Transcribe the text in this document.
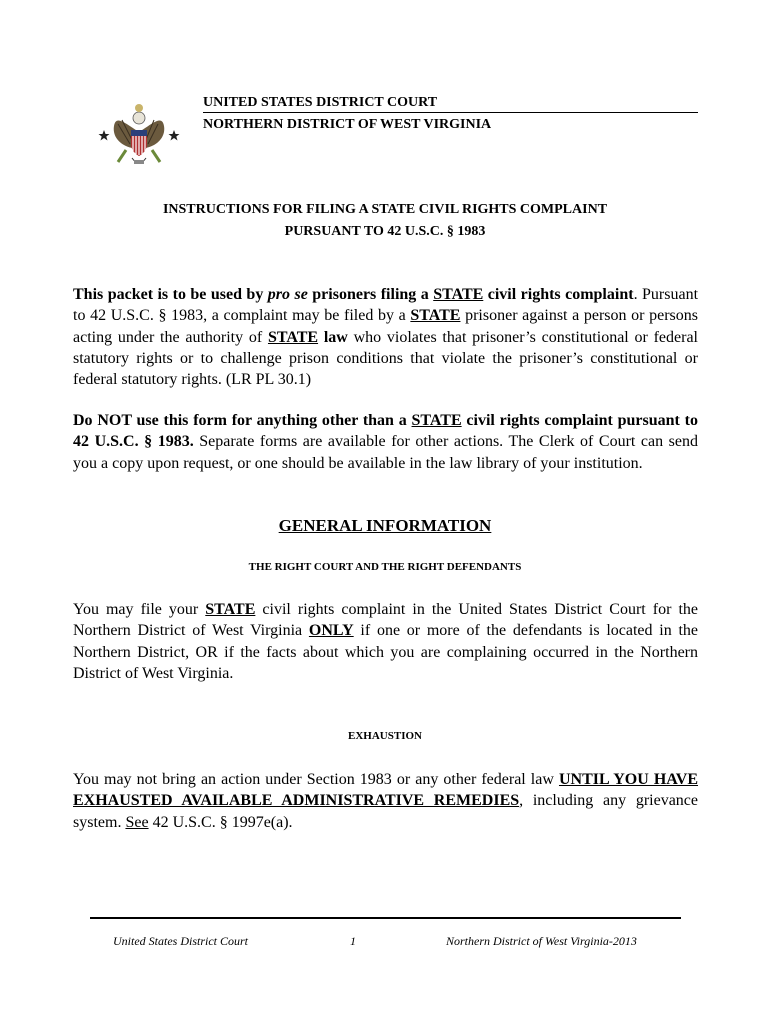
UNITED STATES DISTRICT COURT
NORTHERN DISTRICT OF WEST VIRGINIA
INSTRUCTIONS FOR FILING A STATE CIVIL RIGHTS COMPLAINT
PURSUANT TO 42 U.S.C. § 1983
This packet is to be used by pro se prisoners filing a STATE civil rights complaint. Pursuant to 42 U.S.C. § 1983, a complaint may be filed by a STATE prisoner against a person or persons acting under the authority of STATE law who violates that prisoner’s constitutional or federal statutory rights or to challenge prison conditions that violate the prisoner’s constitutional or federal statutory rights. (LR PL 30.1)
Do NOT use this form for anything other than a STATE civil rights complaint pursuant to 42 U.S.C. § 1983. Separate forms are available for other actions. The Clerk of Court can send you a copy upon request, or one should be available in the law library of your institution.
GENERAL INFORMATION
THE RIGHT COURT AND THE RIGHT DEFENDANTS
You may file your STATE civil rights complaint in the United States District Court for the Northern District of West Virginia ONLY if one or more of the defendants is located in the Northern District, OR if the facts about which you are complaining occurred in the Northern District of West Virginia.
EXHAUSTION
You may not bring an action under Section 1983 or any other federal law UNTIL YOU HAVE EXHAUSTED AVAILABLE ADMINISTRATIVE REMEDIES, including any grievance system. See 42 U.S.C. § 1997e(a).
United States District Court	1	Northern District of West Virginia-2013
